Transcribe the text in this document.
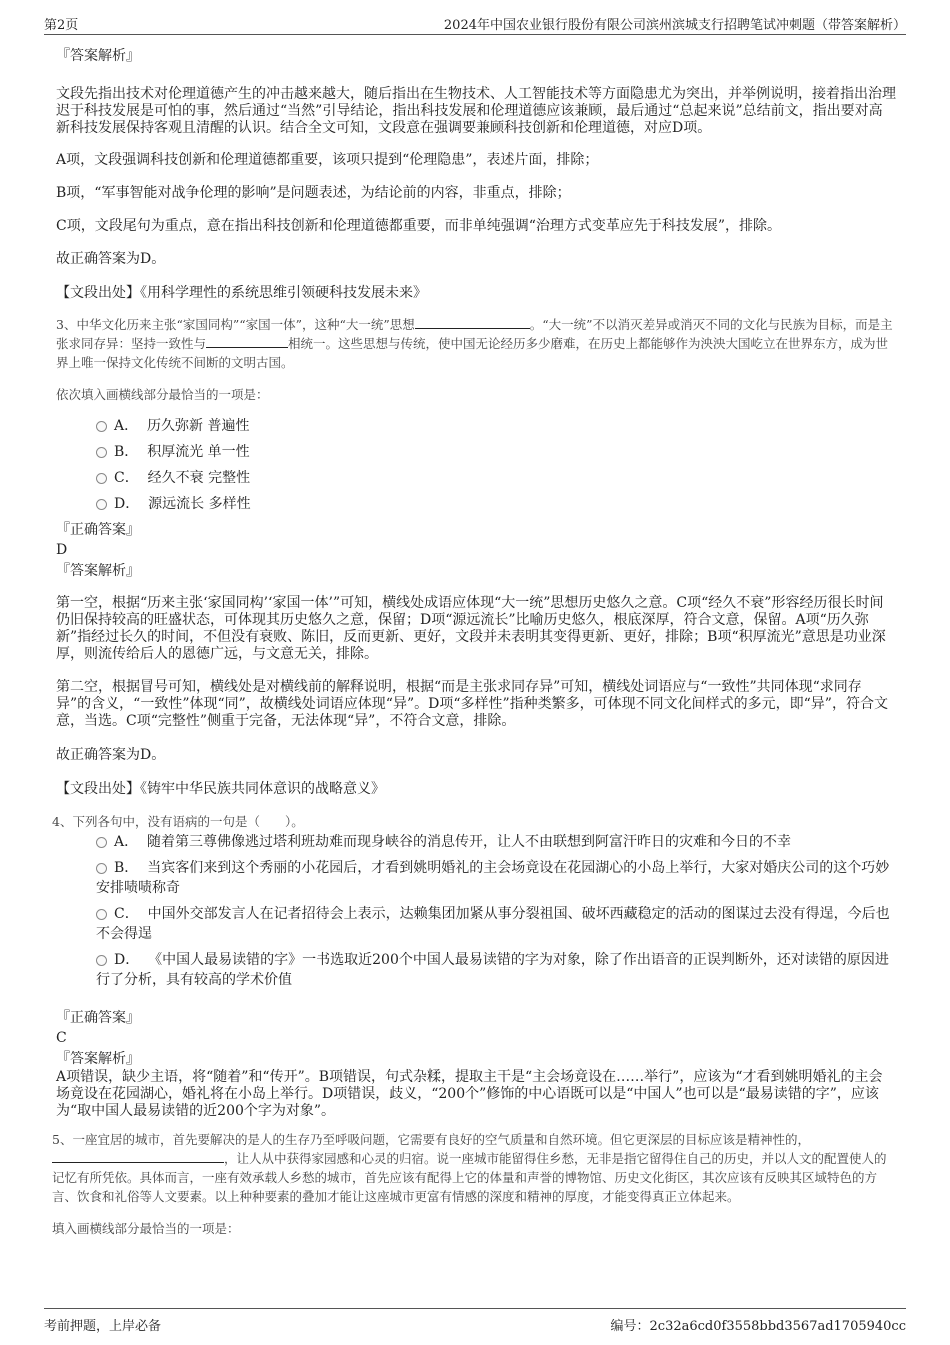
第2页	2024年中国农业银行股份有限公司滨州滨城支行招聘笔试冲刺题（带答案解析）
『答案解析』
文段先指出技术对伦理道德产生的冲击越来越大，随后指出在生物技术、人工智能技术等方面隐患尤为突出，并举例说明，接着指出治理迟于科技发展是可怕的事，然后通过“当然”引导结论，指出科技发展和伦理道德应该兼顾，最后通过“总起来说”总结前文，指出要对高新科技发展保持客观且清醒的认识。结合全文可知，文段意在强调要兼顾科技创新和伦理道德，对应D项。
A项，文段强调科技创新和伦理道德都重要，该项只提到“伦理隐患”，表述片面，排除；
B项，“军事智能对战争伦理的影响”是问题表述，为结论前的内容，非重点，排除；
C项，文段尾句为重点，意在指出科技创新和伦理道德都重要，而非单纯强调“治理方式变革应先于科技发展”，排除。
故正确答案为D。
【文段出处】《用科学理性的系统思维引领硬科技发展未来》
3、中华文化历来主张“家国同构”“家国一体”，这种“大一统”思想	。“大一统”不以消灭差异或消灭不同的文化与民族为目标，而是主张求同存异：坚持一致性与	相统一。这些思想与传统，使中国无论经历多少磨难，在历史上都能够作为泱泱大国屹立在世界东方，成为世界上唯一保持文化传统不间断的文明古国。
依次填入画横线部分最恰当的一项是：
A． 历久弥新 普遍性
B． 积厚流光 单一性
C． 经久不衰 完整性
D． 源远流长 多样性
『正确答案』
D
『答案解析』
第一空，根据“历来主张‘家国同构’‘家国一体’”可知，横线处成语应体现“大一统”思想历史悠久之意。C项“经久不衰”形容经历很长时间仍旧保持较高的旺盛状态，可体现其历史悠久之意，保留；D项“源远流长”比喻历史悠久，根底深厚，符合文意，保留。A项“历久弥新”指经过长久的时间，不但没有衰败、陈旧，反而更新、更好，文段并未表明其变得更新、更好，排除；B项“积厚流光”意思是功业深厚，则流传给后人的恩德广远，与文意无关，排除。
第二空，根据冒号可知，横线处是对横线前的解释说明，根据“而是主张求同存异”可知，横线处词语应与“一致性”共同体现“求同存异”的含义，“一致性”体现“同”，故横线处词语应体现“异”。D项“多样性”指种类繁多，可体现不同文化间样式的多元，即“异”，符合文意，当选。C项“完整性”侧重于完备，无法体现“异”，不符合文意，排除。
故正确答案为D。
【文段出处】《铸牢中华民族共同体意识的战略意义》
4、下列各句中，没有语病的一句是（　　）。
A． 随着第三尊佛像逃过塔利班劫难而现身峡谷的消息传开，让人不由联想到阿富汗昨日的灾难和今日的不幸
B． 当宾客们来到这个秀丽的小花园后，才看到姚明婚礼的主会场竟设在花园湖心的小岛上举行，大家对婚庆公司的这个巧妙安排啧啧称奇
C． 中国外交部发言人在记者招待会上表示，达赖集团加紧从事分裂祖国、破坏西藏稳定的活动的图谋过去没有得逞，今后也不会得逞
D． 《中国人最易读错的字》一书选取近200个中国人最易读错的字为对象，除了作出语音的正误判断外，还对读错的原因进行了分析，具有较高的学术价值
『正确答案』
C
『答案解析』
A项错误，缺少主语，将“随着”和“传开”。B项错误，句式杂糅，提取主干是“主会场竟设在……举行”，应该为“才看到姚明婚礼的主会场竟设在花园湖心，婚礼将在小岛上举行。D项错误，歧义，“200个”修饰的中心语既可以是“中国人”也可以是“最易读错的字”，应该为“取中国人最易读错的近200个字为对象”。
5、一座宜居的城市，首先要解决的是人的生存乃至呼吸问题，它需要有良好的空气质量和自然环境。但它更深层的目标应该是精神性的，，让人从中获得家园感和心灵的归宿。说一座城市能留得住乡愁，无非是指它留得住自己的历史，并以人文的配置使人的记忆有所凭依。具体而言，一座有效承载人乡愁的城市，首先应该有配得上它的体量和声誉的博物馆、历史文化街区，其次应该有反映其区域特色的方言、饮食和礼俗等人文要素。以上种种要素的叠加才能让这座城市更富有情感的深度和精神的厚度，才能变得真正立体起来。
填入画横线部分最恰当的一项是：
考前押题，上岸必备	编号：2c32a6cd0f3558bbd3567ad1705940cc
